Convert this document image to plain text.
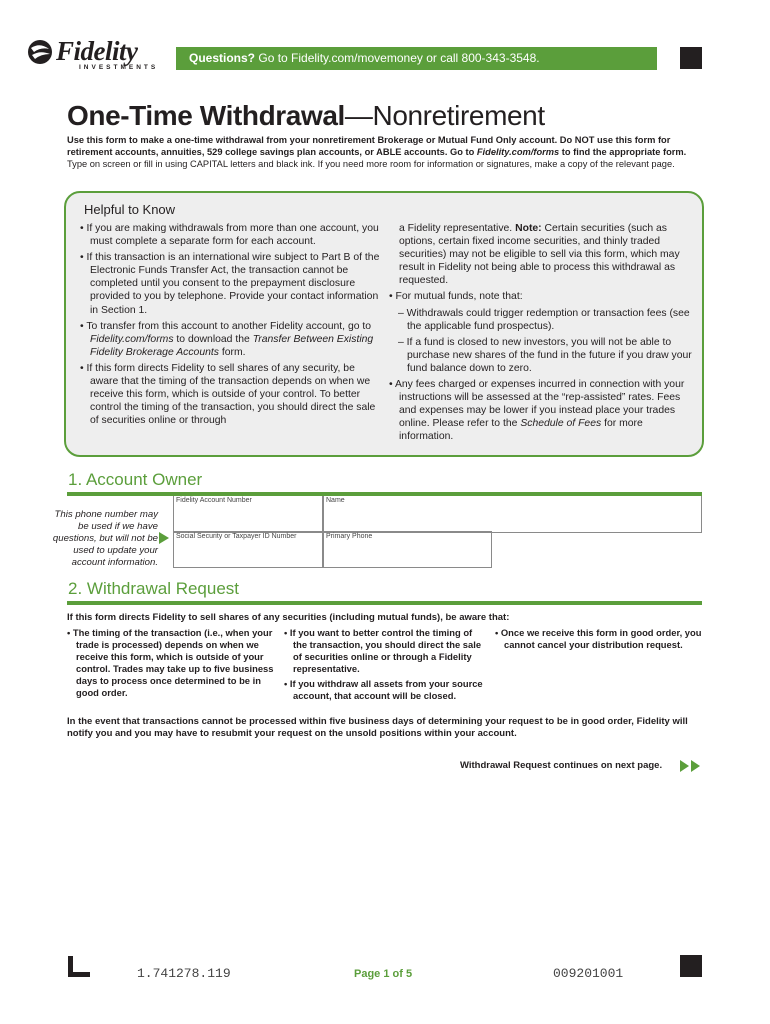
Fidelity
INVESTMENTS
Questions? Go to Fidelity.com/movemoney or call 800-343-3548.
One-Time Withdrawal—Nonretirement
Use this form to make a one-time withdrawal from your nonretirement Brokerage or Mutual Fund Only account. Do NOT use this form for retirement accounts, annuities, 529 college savings plan accounts, or ABLE accounts. Go to Fidelity.com/forms to find the appropriate form. Type on screen or fill in using CAPITAL letters and black ink. If you need more room for information or signatures, make a copy of the relevant page.
Helpful to Know

• If you are making withdrawals from more than one account, you must complete a separate form for each account.

• If this transaction is an international wire subject to Part B of the Electronic Funds Transfer Act, the transaction cannot be completed until you consent to the prepayment disclosure provided to you by telephone. Provide your contact information in Section 1.

• To transfer from this account to another Fidelity account, go to Fidelity.com/forms to download the Transfer Between Existing Fidelity Brokerage Accounts form.

• If this form directs Fidelity to sell shares of any security, be aware that the timing of the transaction depends on when we receive this form, which is outside of your control. To better control the timing of the transaction, you should direct the sale of securities online or through

a Fidelity representative. Note: Certain securities (such as options, certain fixed income securities, and thinly traded securities) may not be eligible to sell via this form, which may result in Fidelity not being able to process this withdrawal as requested.

• For mutual funds, note that:

– Withdrawals could trigger redemption or transaction fees (see the applicable fund prospectus).

– If a fund is closed to new investors, you will not be able to purchase new shares of the fund in the future if you draw your fund balance down to zero.

• Any fees charged or expenses incurred in connection with your instructions will be assessed at the “rep-assisted” rates. Fees and expenses may be lower if you instead place your trades online. Please refer to the Schedule of Fees for more information.

1. Account Owner
Fidelity Account Number	Name
Social Security or Taxpayer ID Number	Primary Phone
This phone number may be used if we have questions, but will not be used to update your account information.
2. Withdrawal Request
If this form directs Fidelity to sell shares of any securities (including mutual funds), be aware that:

• The timing of the transaction (i.e., when your trade is processed) depends on when we receive this form, which is outside of your control. Trades may take up to five business days to process once determined to be in good order.

• If you want to better control the timing of the transaction, you should direct the sale of securities online or through a Fidelity representative.

• If you withdraw all assets from your source account, that account will be closed.

• Once we receive this form in good order, you cannot cancel your distribution request.

In the event that transactions cannot be processed within five business days of determining your request to be in good order, Fidelity will notify you and you may have to resubmit your request on the unsold positions within your account.
Withdrawal Request continues on next page.
1.741278.119	Page 1 of 5	009201001
